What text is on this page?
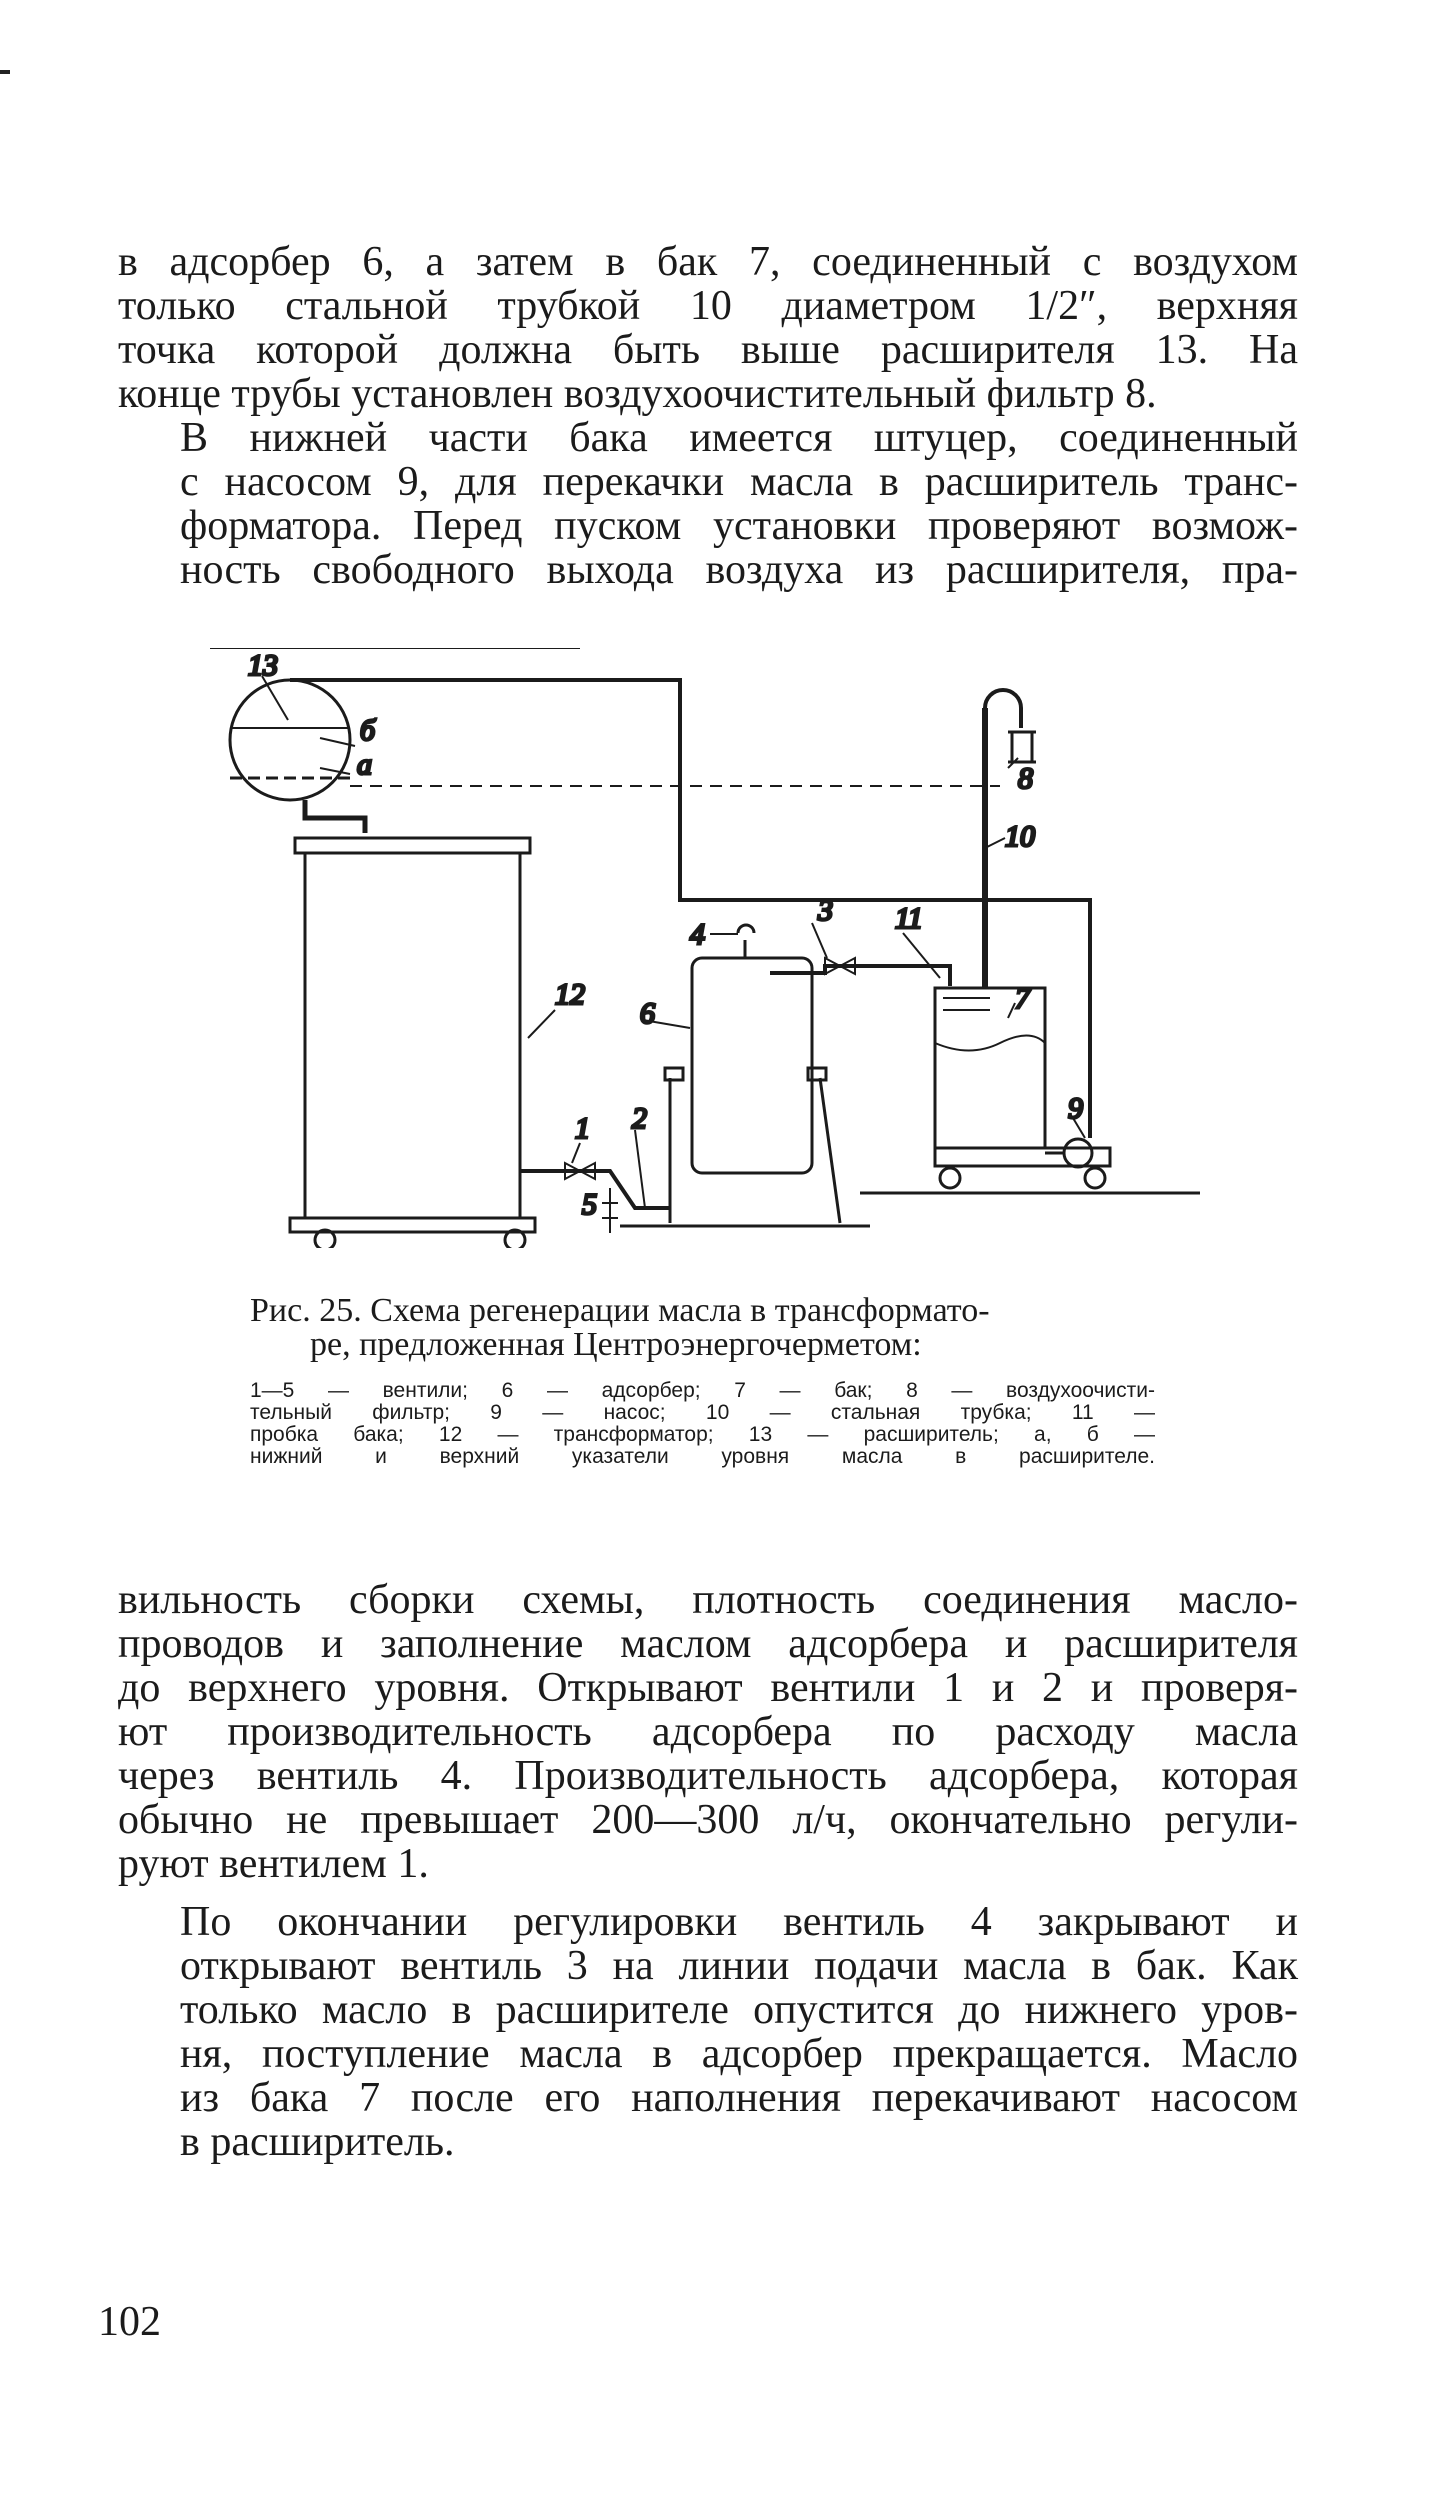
в адсорбер 6, а затем в бак 7, соединенный с воздухом
только стальной трубкой 10 диаметром 1/2″, верхняя
точка которой должна быть выше расширителя 13. На
конце трубы установлен воздухоочистительный фильтр 8.
В нижней части бака имеется штуцер, соединенный
с насосом 9, для перекачки масла в расширитель транс-
форматора. Перед пуском установки проверяют возмож-
ность свободного выхода воздуха из расширителя, пра-
13
б
а	8
10
4
3 11
12
6	7
1 2
5
9
Рис. 25. Схема регенерации масла в трансформато-
ре, предложенная Центроэнергочерметом:
1—5 — вентили; 6 — адсорбер; 7 — бак; 8 — воздухоочисти-
тельный фильтр; 9 — насос; 10 — стальная трубка; 11 —
пробка бака; 12 — трансформатор; 13 — расширитель; а, б —
нижний и верхний указатели уровня масла в расширителе.
вильность сборки схемы, плотность соединения масло-
проводов и заполнение маслом адсорбера и расширителя
до верхнего уровня. Открывают вентили 1 и 2 и проверя-
ют производительность адсорбера по расходу масла
через вентиль 4. Производительность адсорбера, которая
обычно не превышает 200—300 л/ч, окончательно регули-
руют вентилем 1.
По окончании регулировки вентиль 4 закрывают и
открывают вентиль 3 на линии подачи масла в бак. Как
только масло в расширителе опустится до нижнего уров-
ня, поступление масла в адсорбер прекращается. Масло
из бака 7 после его наполнения перекачивают насосом
в расширитель.
102
